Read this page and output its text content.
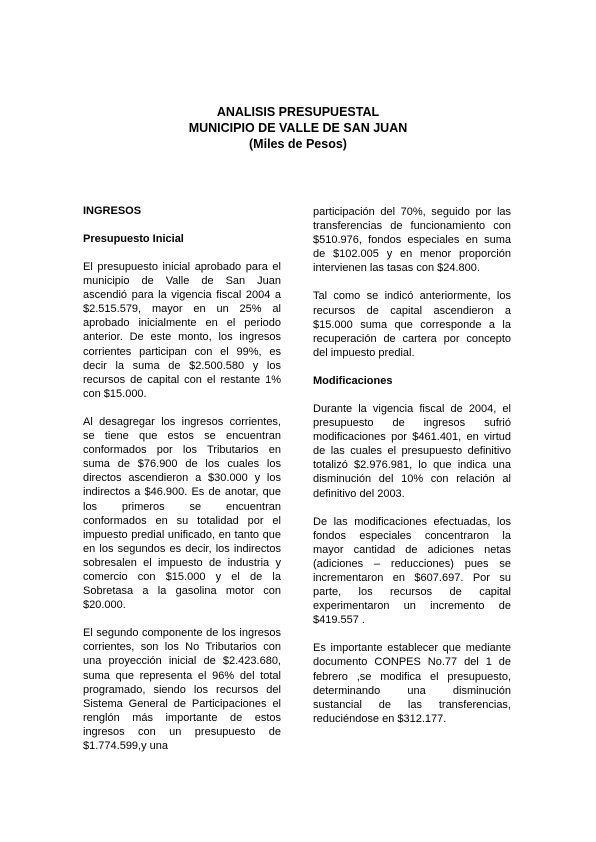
ANALISIS PRESUPUESTAL
MUNICIPIO DE VALLE DE SAN JUAN
(Miles de Pesos)
INGRESOS
Presupuesto Inicial

El presupuesto inicial aprobado para el municipio de Valle de San Juan ascendió para la vigencia fiscal 2004 a $2.515.579, mayor en un 25% al aprobado inicialmente en el periodo anterior. De este monto, los ingresos corrientes participan con el 99%, es decir la suma de $2.500.580 y los recursos de capital con el restante 1% con $15.000.

Al desagregar los ingresos corrientes, se tiene que estos se encuentran conformados por los Tributarios en suma de $76.900 de los cuales los directos ascendieron a $30.000 y los indirectos a $46.900. Es de anotar, que los primeros se encuentran conformados en su totalidad por el impuesto predial unificado, en tanto que en los segundos es decir, los indirectos sobresalen el impuesto de industria y comercio con $15.000 y el de la Sobretasa a la gasolina motor con $20.000.

El segundo componente de los ingresos corrientes, son los No Tributarios con una proyección inicial de $2.423.680, suma que representa el 96% del total programado, siendo los recursos del Sistema General de Participaciones el renglón más importante de estos ingresos con un presupuesto de $1.774.599,y una

participación del 70%, seguido por las transferencias de funcionamiento con $510.976, fondos especiales en suma de $102.005 y en menor proporción intervienen las tasas con $24.800.

Tal como se indicó anteriormente, los recursos de capital ascendieron a $15.000 suma que corresponde a la recuperación de cartera por concepto del impuesto predial.

Modificaciones

Durante la vigencia fiscal de 2004, el presupuesto de ingresos sufrió modificaciones por $461.401, en virtud de las cuales el presupuesto definitivo totalizó $2.976.981, lo que indica una disminución del 10% con relación al definitivo del 2003.

De las modificaciones efectuadas, los fondos especiales concentraron la mayor cantidad de adiciones netas (adiciones – reducciones) pues se incrementaron en $607.697. Por su parte, los recursos de capital experimentaron un incremento de $419.557 .

Es importante establecer que mediante documento CONPES No.77 del 1 de febrero ,se modifica el presupuesto, determinando una disminución sustancial de las transferencias, reduciéndose en $312.177.
